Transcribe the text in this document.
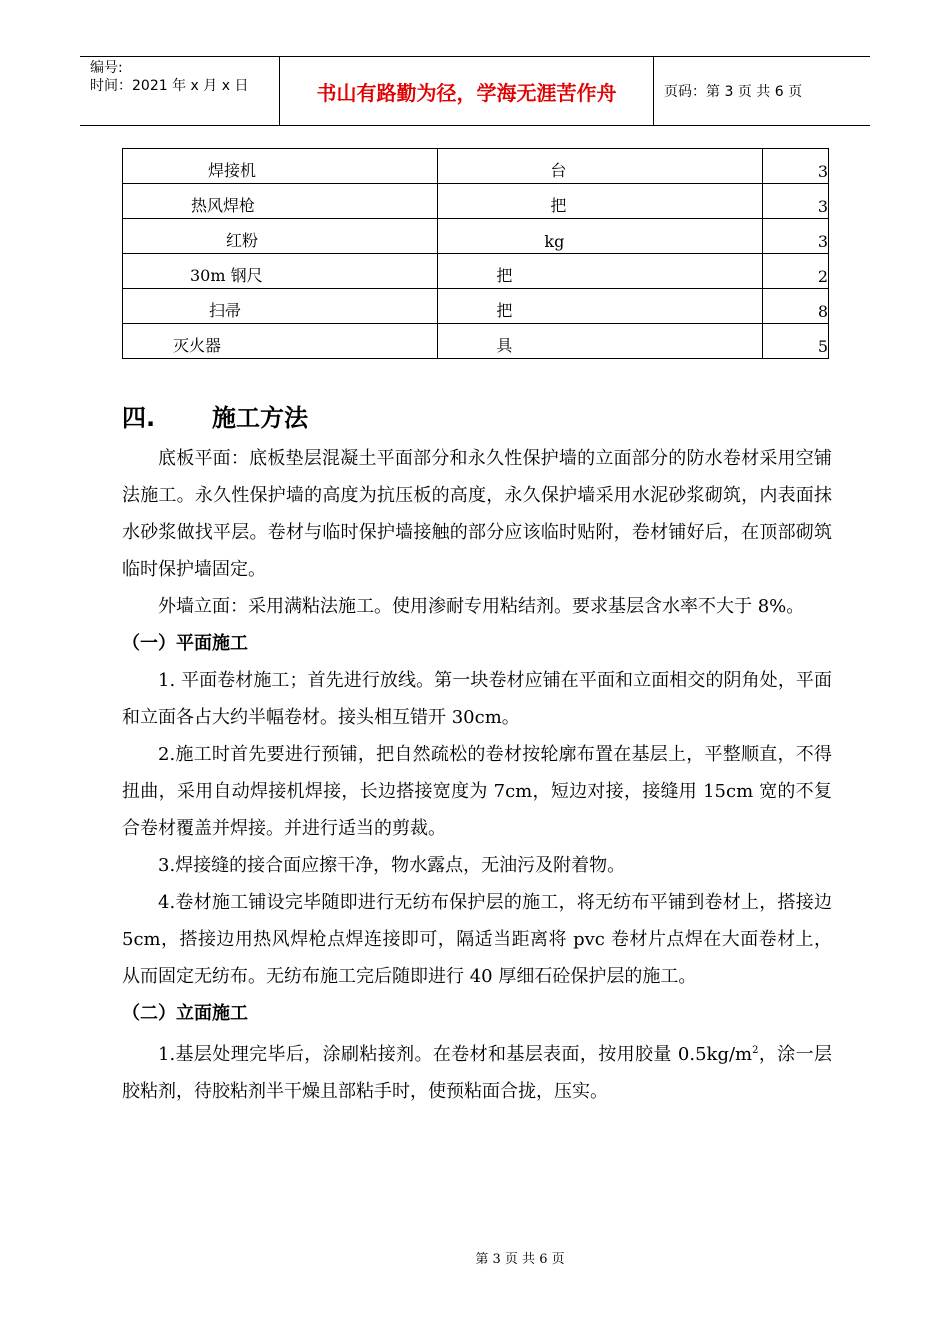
编号:
时间：2021 年 x 月 x 日	书山有路勤为径，学海无涯苦作舟	页码：第 3 页 共 6 页
焊接机	台	3
热风焊枪	把	3
红粉	kg	3
30m 钢尺	把	2
扫帚	把	8
灭火器	具	5
四. 施工方法

底板平面：底板垫层混凝土平面部分和永久性保护墙的立面部分的防水卷材采用空铺法施工。永久性保护墙的高度为抗压板的高度，永久保护墙采用水泥砂浆砌筑，内表面抹水砂浆做找平层。卷材与临时保护墙接触的部分应该临时贴附，卷材铺好后，在顶部砌筑临时保护墙固定。

外墙立面：采用满粘法施工。使用渗耐专用粘结剂。要求基层含水率不大于 8%。

（一）平面施工

1. 平面卷材施工；首先进行放线。第一块卷材应铺在平面和立面相交的阴角处，平面和立面各占大约半幅卷材。接头相互错开 30cm。

2.施工时首先要进行预铺，把自然疏松的卷材按轮廓布置在基层上，平整顺直，不得扭曲，采用自动焊接机焊接，长边搭接宽度为 7cm，短边对接，接缝用 15cm 宽的不复合卷材覆盖并焊接。并进行适当的剪裁。

3.焊接缝的接合面应擦干净，物水露点，无油污及附着物。

4.卷材施工铺设完毕随即进行无纺布保护层的施工，将无纺布平铺到卷材上，搭接边 5cm，搭接边用热风焊枪点焊连接即可，隔适当距离将 pvc 卷材片点焊在大面卷材上，从而固定无纺布。无纺布施工完后随即进行 40 厚细石砼保护层的施工。

（二）立面施工

1.基层处理完毕后，涂刷粘接剂。在卷材和基层表面，按用胶量 $0.5kg/m^2$，涂一层胶粘剂，待胶粘剂半干燥且部粘手时，使预粘面合拢，压实。

第 3 页 共 6 页
